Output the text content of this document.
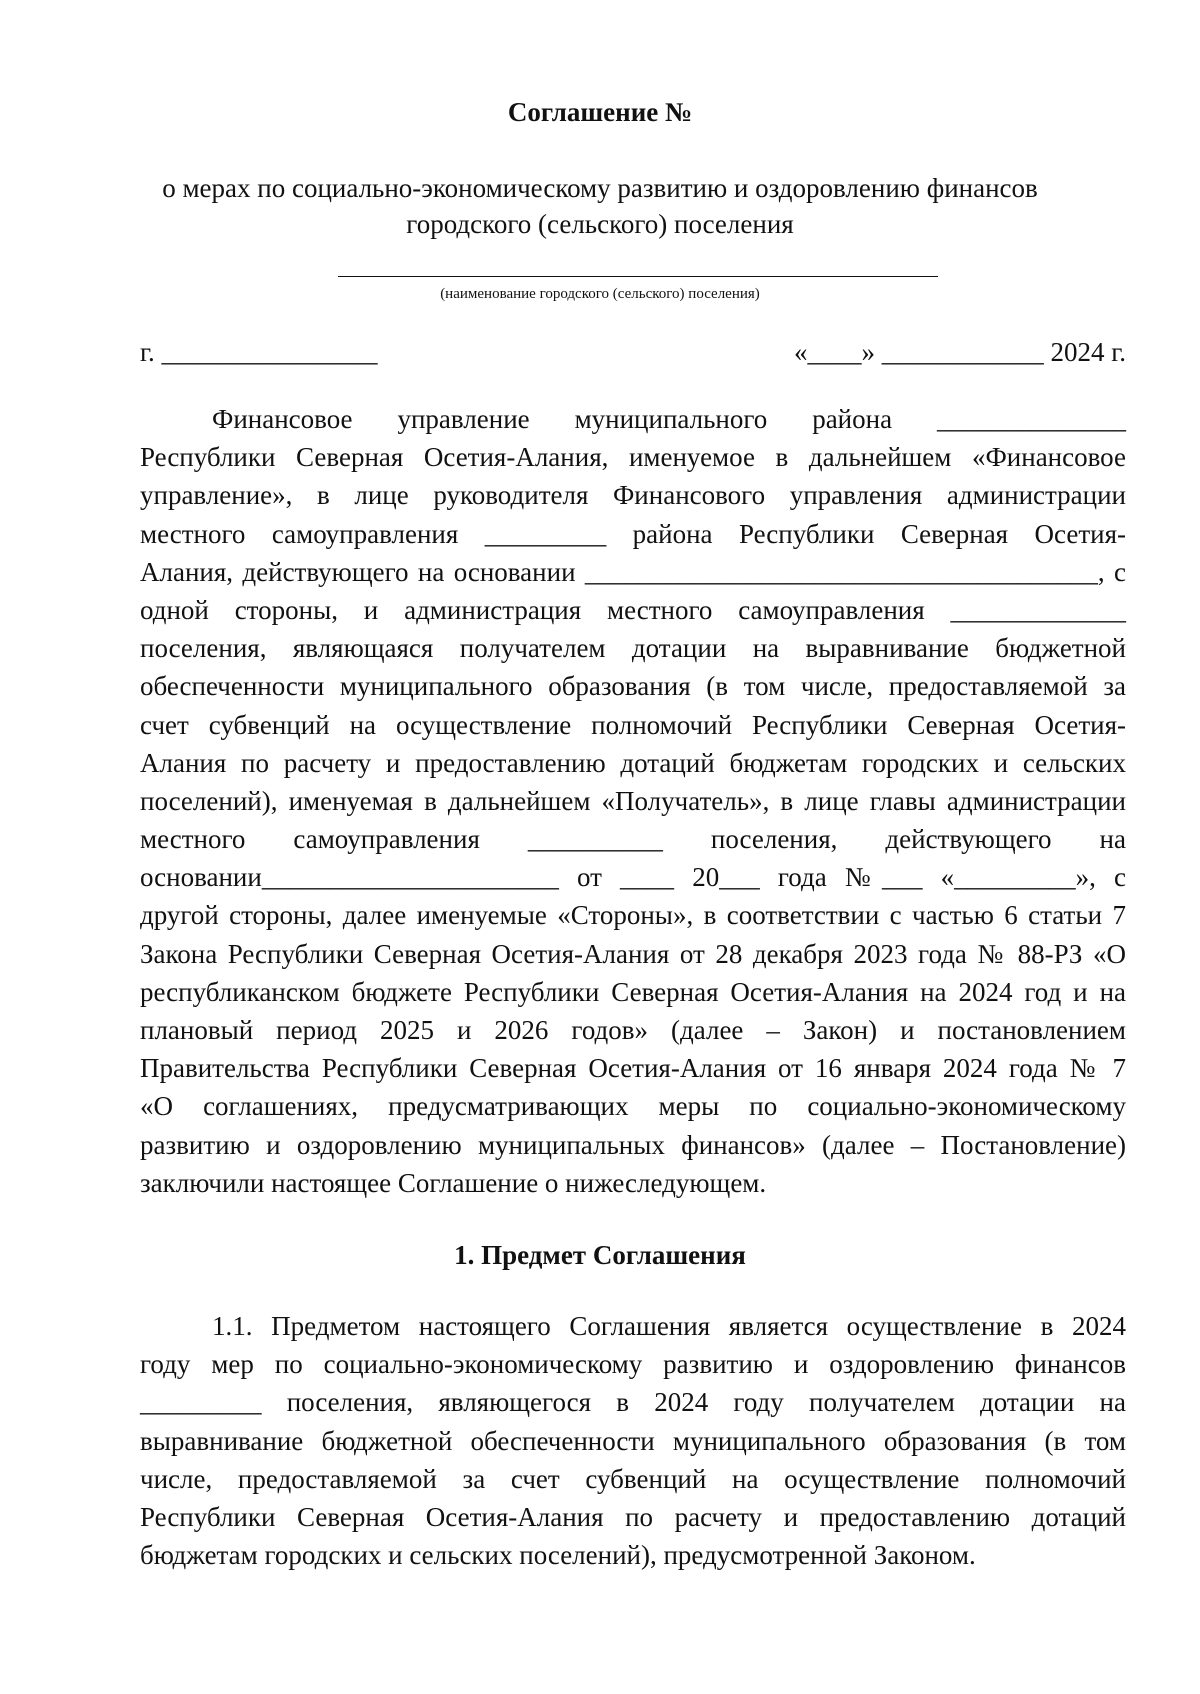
Соглашение №
о мерах по социально-экономическому развитию и оздоровлению финансов
городского (сельского) поселения
(наименование городского (сельского) поселения)
г. ________________	«____» ____________ 2024 г.
Финансовое управление муниципального района ______________
Республики Северная Осетия-Алания, именуемое в дальнейшем «Финансовое
управление», в лице руководителя Финансового управления администрации
местного самоуправления _________ района Республики Северная Осетия-
Алания, действующего на основании ______________________________________, с
одной стороны, и администрация местного самоуправления _____________
поселения, являющаяся получателем дотации на выравнивание бюджетной
обеспеченности муниципального образования (в том числе, предоставляемой за
счет субвенций на осуществление полномочий Республики Северная Осетия-
Алания по расчету и предоставлению дотаций бюджетам городских и сельских
поселений), именуемая в дальнейшем «Получатель», в лице главы администрации
местного самоуправления __________ поселения, действующего на
основании______________________ от ____ 20___ года №___ «_________», с
другой стороны, далее именуемые «Стороны», в соответствии с частью 6 статьи 7
Закона Республики Северная Осетия-Алания от 28 декабря 2023 года № 88-РЗ «О
республиканском бюджете Республики Северная Осетия-Алания на 2024 год и на
плановый период 2025 и 2026 годов» (далее – Закон) и постановлением
Правительства Республики Северная Осетия-Алания от 16 января 2024 года № 7
«О соглашениях, предусматривающих меры по социально-экономическому
развитию и оздоровлению муниципальных финансов» (далее – Постановление)
заключили настоящее Соглашение о нижеследующем.
1. Предмет Соглашения
1.1. Предметом настоящего Соглашения является осуществление в 2024
году мер по социально-экономическому развитию и оздоровлению финансов
_________ поселения, являющегося в 2024 году получателем дотации на
выравнивание бюджетной обеспеченности муниципального образования (в том
числе, предоставляемой за счет субвенций на осуществление полномочий
Республики Северная Осетия-Алания по расчету и предоставлению дотаций
бюджетам городских и сельских поселений), предусмотренной Законом.
